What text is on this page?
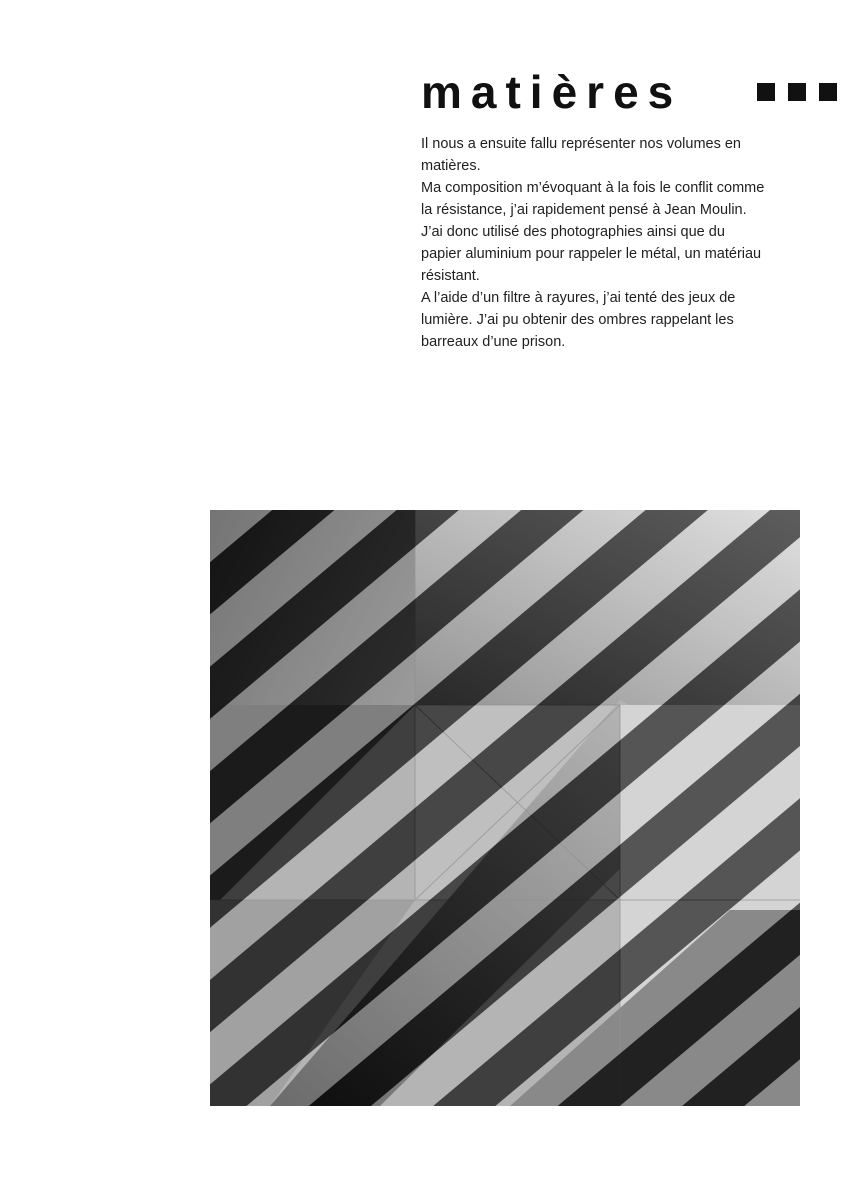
matières

Il nous a ensuite fallu représenter nos volumes en matières.

Ma composition m’évoquant à la fois le conflit comme la résistance, j’ai rapidement pensé à Jean Moulin. J’ai donc utilisé des photographies ainsi que du papier aluminium pour rappeler le métal, un matériau résistant.

A l’aide d’un filtre à rayures, j’ai tenté des jeux de lumière. J’ai pu obtenir des ombres rappelant les barreaux d’une prison.
